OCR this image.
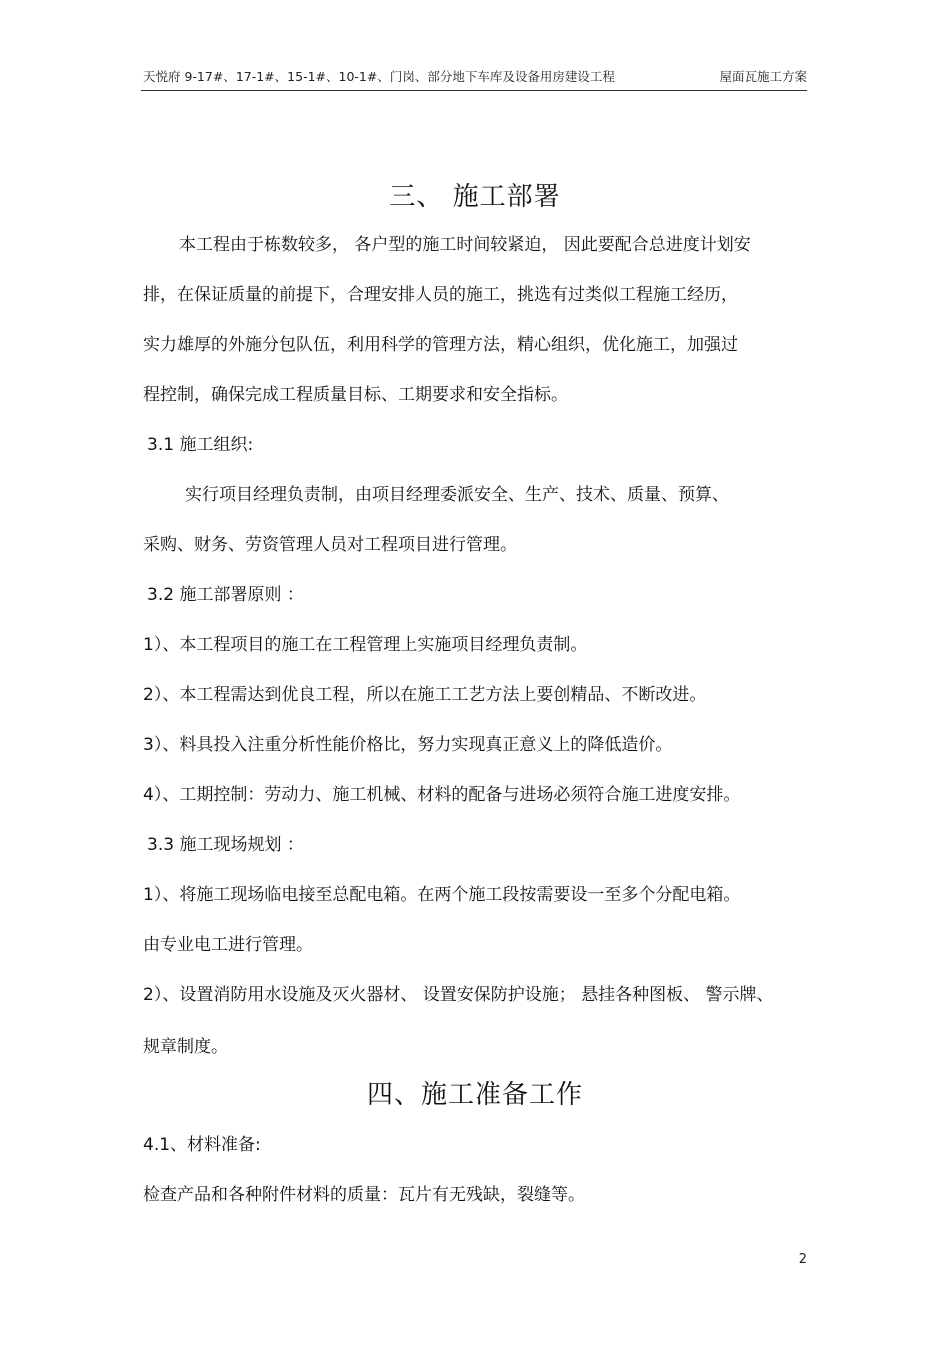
天悦府 9-17#、17-1#、15-1#、10-1#、门岗、部分地下车库及设备用房建设工程	屋面瓦施工方案
三、 施工部署
本工程由于栋数较多， 各户型的施工时间较紧迫， 因此要配合总进度计划安
排，在保证质量的前提下，合理安排人员的施工，挑选有过类似工程施工经历，
实力雄厚的外施分包队伍，利用科学的管理方法，精心组织，优化施工，加强过
程控制，确保完成工程质量目标、工期要求和安全指标。
3.1 施工组织:
实行项目经理负责制，由项目经理委派安全、生产、技术、质量、预算、
采购、财务、劳资管理人员对工程项目进行管理。
3.2 施工部署原则 ：
1）、本工程项目的施工在工程管理上实施项目经理负责制。
2）、本工程需达到优良工程，所以在施工工艺方法上要创精品、不断改进。
3）、料具投入注重分析性能价格比，努力实现真正意义上的降低造价。
4）、工期控制：劳动力、施工机械、材料的配备与进场必须符合施工进度安排。
3.3 施工现场规划 ：
1）、将施工现场临电接至总配电箱。在两个施工段按需要设一至多个分配电箱。
由专业电工进行管理。
2）、设置消防用水设施及灭火器材、 设置安保防护设施； 悬挂各种图板、 警示牌、
规章制度。
四、施工准备工作
4.1、材料准备:
检查产品和各种附件材料的质量：瓦片有无残缺，裂缝等。
2
